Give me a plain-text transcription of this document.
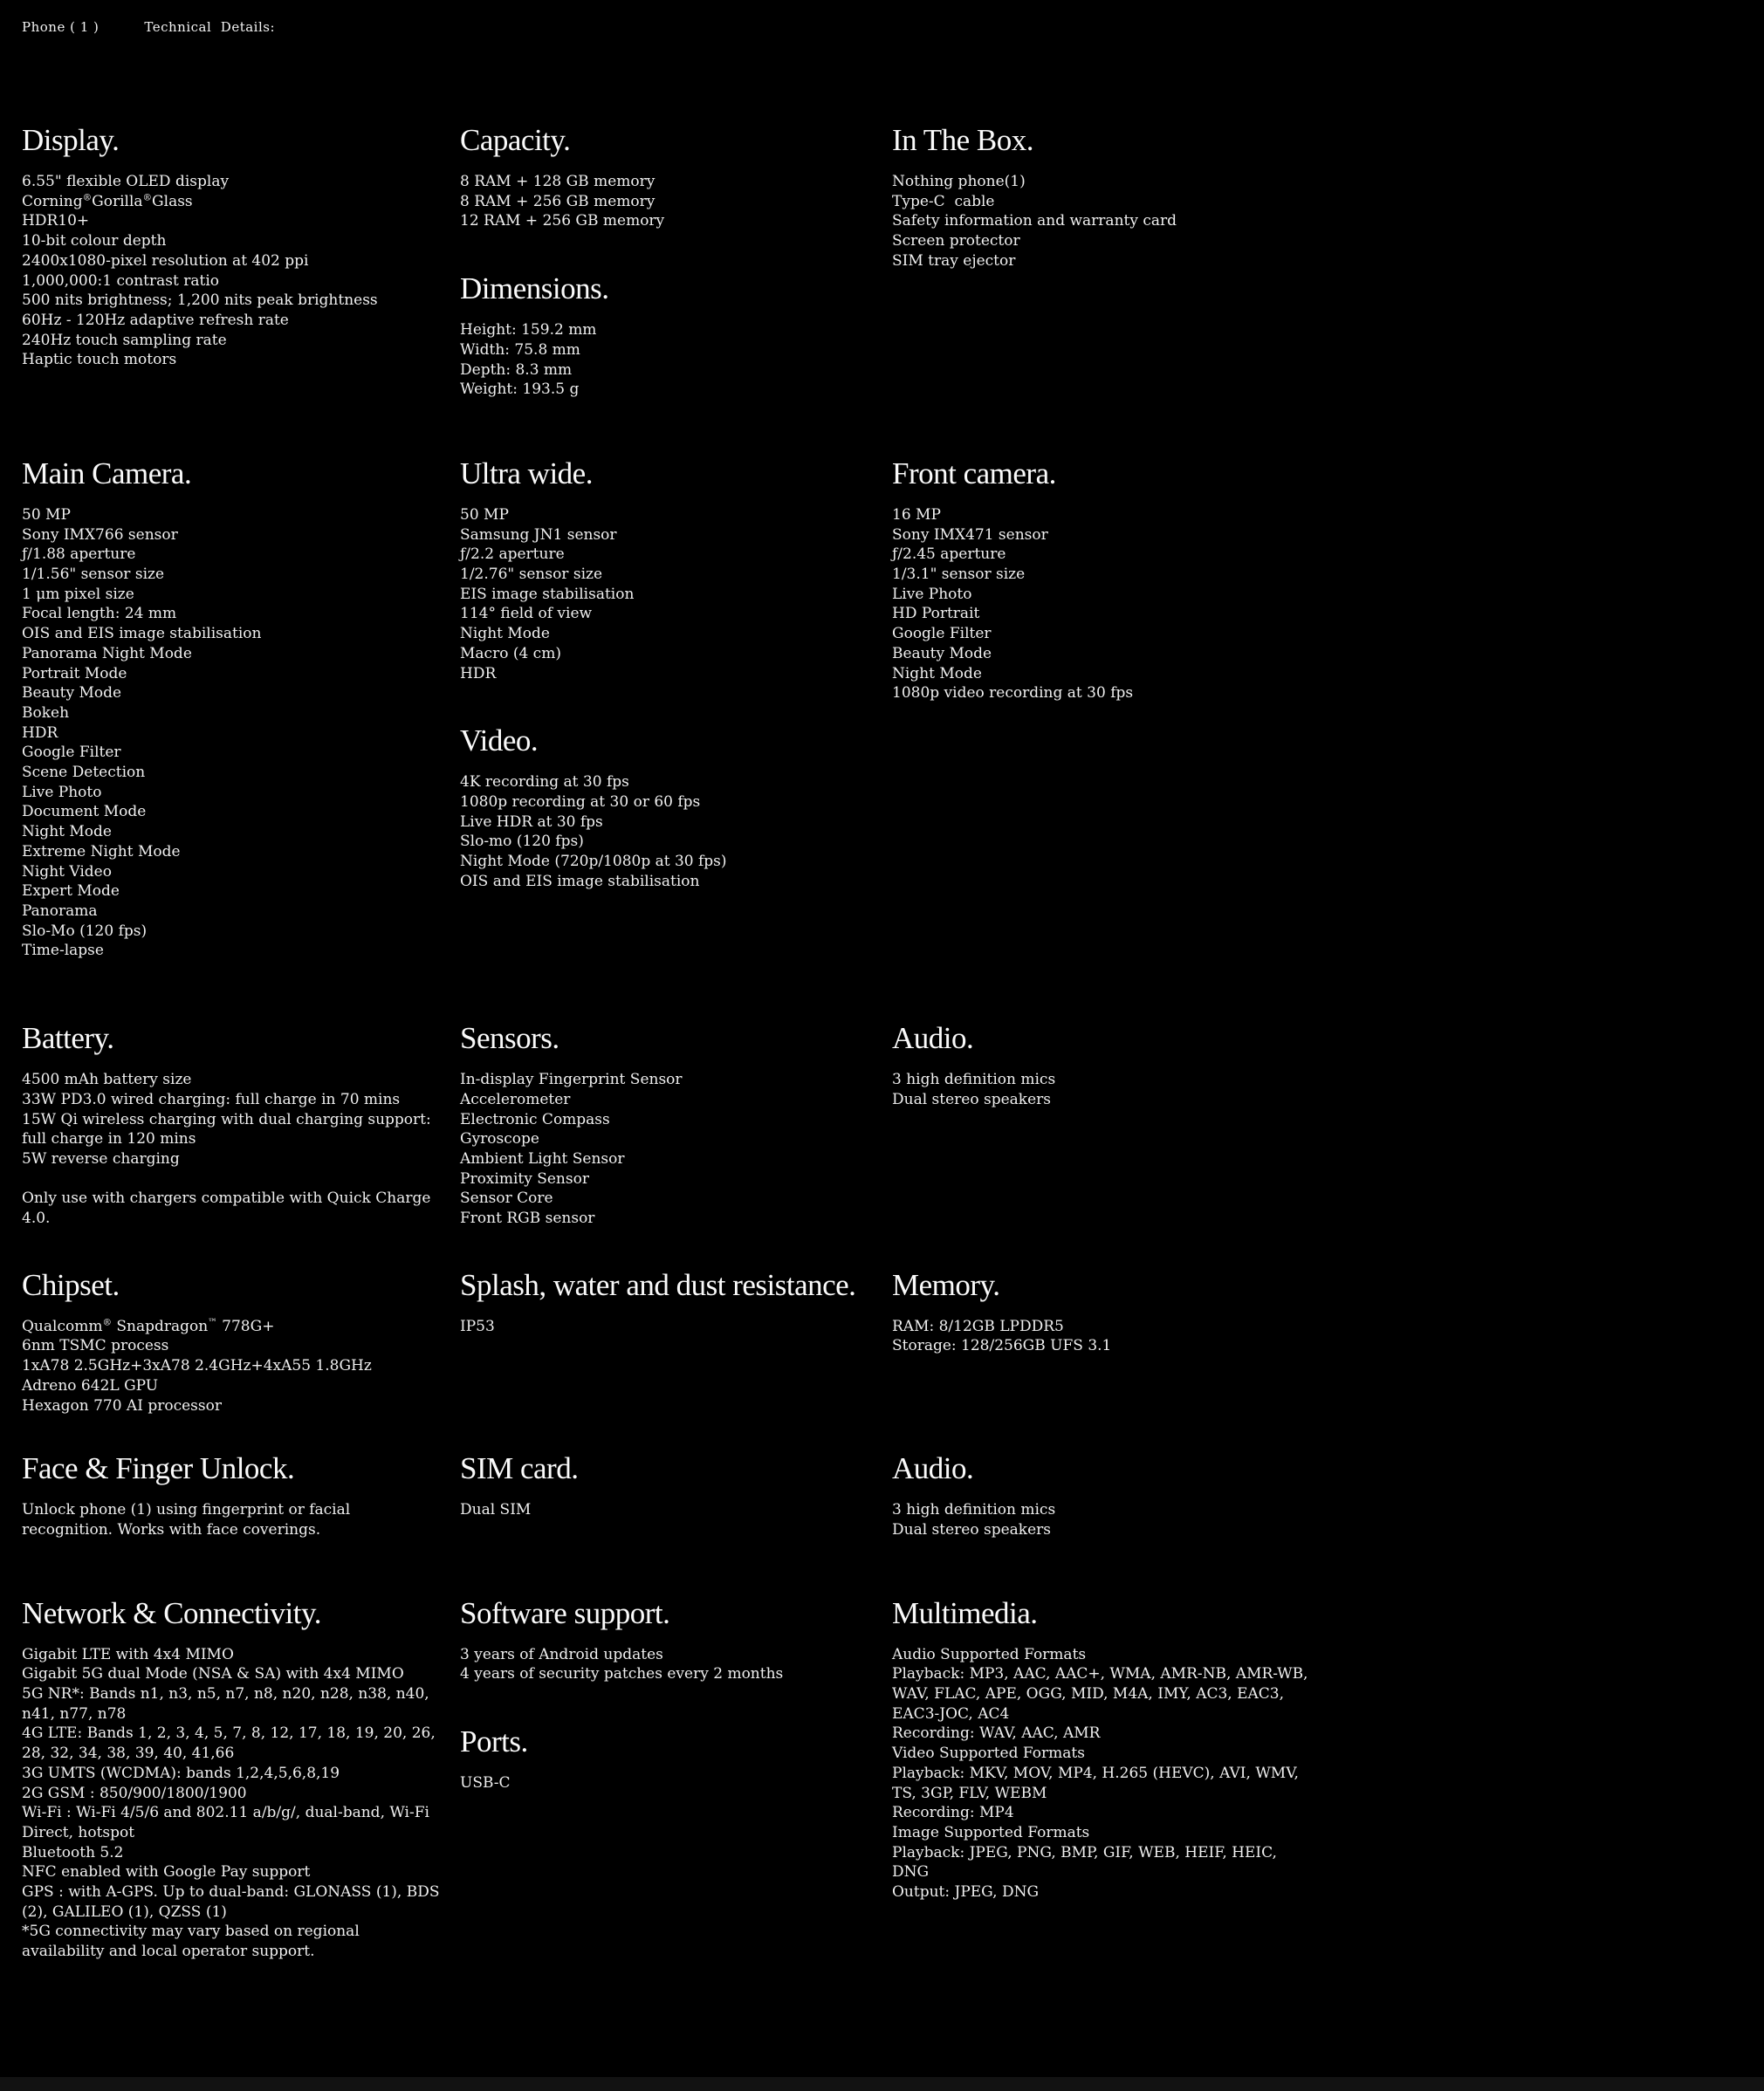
Phone ( 1 )	Technical  Details:
Display.
6.55" flexible OLED display
Corning®Gorilla®Glass
HDR10+
10-bit colour depth
2400x1080-pixel resolution at 402 ppi
1,000,000:1 contrast ratio
500 nits brightness; 1,200 nits peak brightness
60Hz - 120Hz adaptive refresh rate
240Hz touch sampling rate
Haptic touch motors
Capacity.
8 RAM + 128 GB memory
8 RAM + 256 GB memory
12 RAM + 256 GB memory
Dimensions.
Height: 159.2 mm
Width: 75.8 mm
Depth: 8.3 mm
Weight: 193.5 g
In The Box.
Nothing phone(1)
Type-C  cable
Safety information and warranty card
Screen protector
SIM tray ejector
Main Camera.
50 MP
Sony IMX766 sensor
ƒ/1.88 aperture
1/1.56" sensor size
1 μm pixel size
Focal length: 24 mm
OIS and EIS image stabilisation
Panorama Night Mode
Portrait Mode
Beauty Mode
Bokeh
HDR
Google Filter
Scene Detection
Live Photo
Document Mode
Night Mode
Extreme Night Mode
Night Video
Expert Mode
Panorama
Slo-Mo (120 fps)
Time-lapse
Ultra wide.
50 MP
Samsung JN1 sensor
ƒ/2.2 aperture
1/2.76" sensor size
EIS image stabilisation
114° field of view
Night Mode
Macro (4 cm)
HDR
Video.
4K recording at 30 fps
1080p recording at 30 or 60 fps
Live HDR at 30 fps
Slo-mo (120 fps)
Night Mode (720p/1080p at 30 fps)
OIS and EIS image stabilisation
Front camera.
16 MP
Sony IMX471 sensor
ƒ/2.45 aperture
1/3.1" sensor size
Live Photo
HD Portrait
Google Filter
Beauty Mode
Night Mode
1080p video recording at 30 fps
Battery.
4500 mAh battery size
33W PD3.0 wired charging: full charge in 70 mins
15W Qi wireless charging with dual charging support: full charge in 120 mins
5W reverse charging

Only use with chargers compatible with Quick Charge 4.0.
Sensors.
In-display Fingerprint Sensor
Accelerometer
Electronic Compass
Gyroscope
Ambient Light Sensor
Proximity Sensor
Sensor Core
Front RGB sensor
Audio.
3 high definition mics
Dual stereo speakers
Chipset.
Qualcomm® Snapdragon™ 778G+
6nm TSMC process
1xA78 2.5GHz+3xA78 2.4GHz+4xA55 1.8GHz
Adreno 642L GPU
Hexagon 770 AI processor
Splash, water and dust resistance.
IP53
Memory.
RAM: 8/12GB LPDDR5
Storage: 128/256GB UFS 3.1
Face & Finger Unlock.
Unlock phone (1) using fingerprint or facial recognition. Works with face coverings.
SIM card.
Dual SIM
Audio.
3 high definition mics
Dual stereo speakers
Network & Connectivity.
Gigabit LTE with 4x4 MIMO
Gigabit 5G dual Mode (NSA & SA) with 4x4 MIMO
5G NR*: Bands n1, n3, n5, n7, n8, n20, n28, n38, n40, n41, n77, n78
4G LTE: Bands 1, 2, 3, 4, 5, 7, 8, 12, 17, 18, 19, 20, 26, 28, 32, 34, 38, 39, 40, 41,66
3G UMTS (WCDMA): bands 1,2,4,5,6,8,19
2G GSM : 850/900/1800/1900
Wi-Fi : Wi-Fi 4/5/6 and 802.11 a/b/g/, dual-band, Wi-Fi Direct, hotspot
Bluetooth 5.2
NFC enabled with Google Pay support
GPS : with A-GPS. Up to dual-band: GLONASS (1), BDS (2), GALILEO (1), QZSS (1)
*5G connectivity may vary based on regional availability and local operator support.
Software support.
3 years of Android updates
4 years of security patches every 2 months
Ports.
USB-C
Multimedia.
Audio Supported Formats
Playback: MP3, AAC, AAC+, WMA, AMR-NB, AMR-WB, WAV, FLAC, APE, OGG, MID, M4A, IMY, AC3, EAC3, EAC3-JOC, AC4
Recording: WAV, AAC, AMR
Video Supported Formats
Playback: MKV, MOV, MP4, H.265 (HEVC), AVI, WMV, TS, 3GP, FLV, WEBM
Recording: MP4
Image Supported Formats
Playback: JPEG, PNG, BMP, GIF, WEB, HEIF, HEIC, DNG
Output: JPEG, DNG
